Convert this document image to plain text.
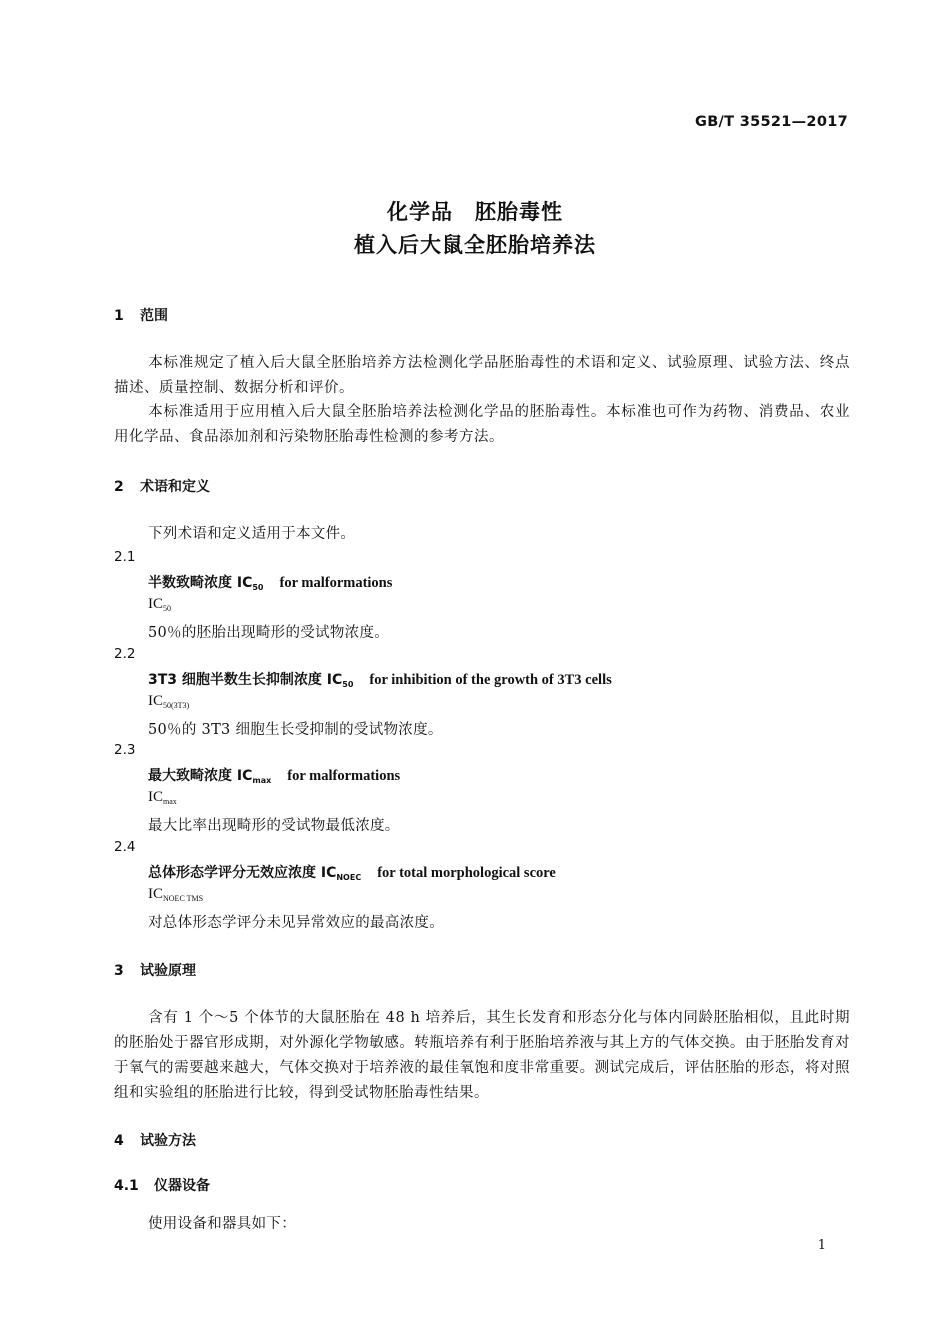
GB/T 35521—2017
化学品　胚胎毒性
植入后大鼠全胚胎培养法
1 范围
本标准规定了植入后大鼠全胚胎培养方法检测化学品胚胎毒性的术语和定义、试验原理、试验方法、终点描述、质量控制、数据分析和评价。
本标准适用于应用植入后大鼠全胚胎培养法检测化学品的胚胎毒性。本标准也可作为药物、消费品、农业用化学品、食品添加剂和污染物胚胎毒性检测的参考方法。
2 术语和定义
下列术语和定义适用于本文件。
2.1
半数致畸浓度 $IC_{50}$ for malformations
$IC_{50}$
50％的胚胎出现畸形的受试物浓度。
2.2
3T3 细胞半数生长抑制浓度 $IC_{50}$ for inhibition of the growth of 3T3 cells
$IC_{50(3T3)}$
50％的 3T3 细胞生长受抑制的受试物浓度。
2.3
最大致畸浓度 $IC_{max}$ for malformations
$IC_{max}$
最大比率出现畸形的受试物最低浓度。
2.4
总体形态学评分无效应浓度 $IC_{NOEC}$ for total morphological score
$IC_{NOEC TMS}$
对总体形态学评分未见异常效应的最高浓度。
3 试验原理
含有 1 个～5 个体节的大鼠胚胎在 48 h 培养后，其生长发育和形态分化与体内同龄胚胎相似，且此时期的胚胎处于器官形成期，对外源化学物敏感。转瓶培养有利于胚胎培养液与其上方的气体交换。由于胚胎发育对于氧气的需要越来越大，气体交换对于培养液的最佳氧饱和度非常重要。测试完成后，评估胚胎的形态，将对照组和实验组的胚胎进行比较，得到受试物胚胎毒性结果。
4 试验方法
4.1 仪器设备
使用设备和器具如下：
1
